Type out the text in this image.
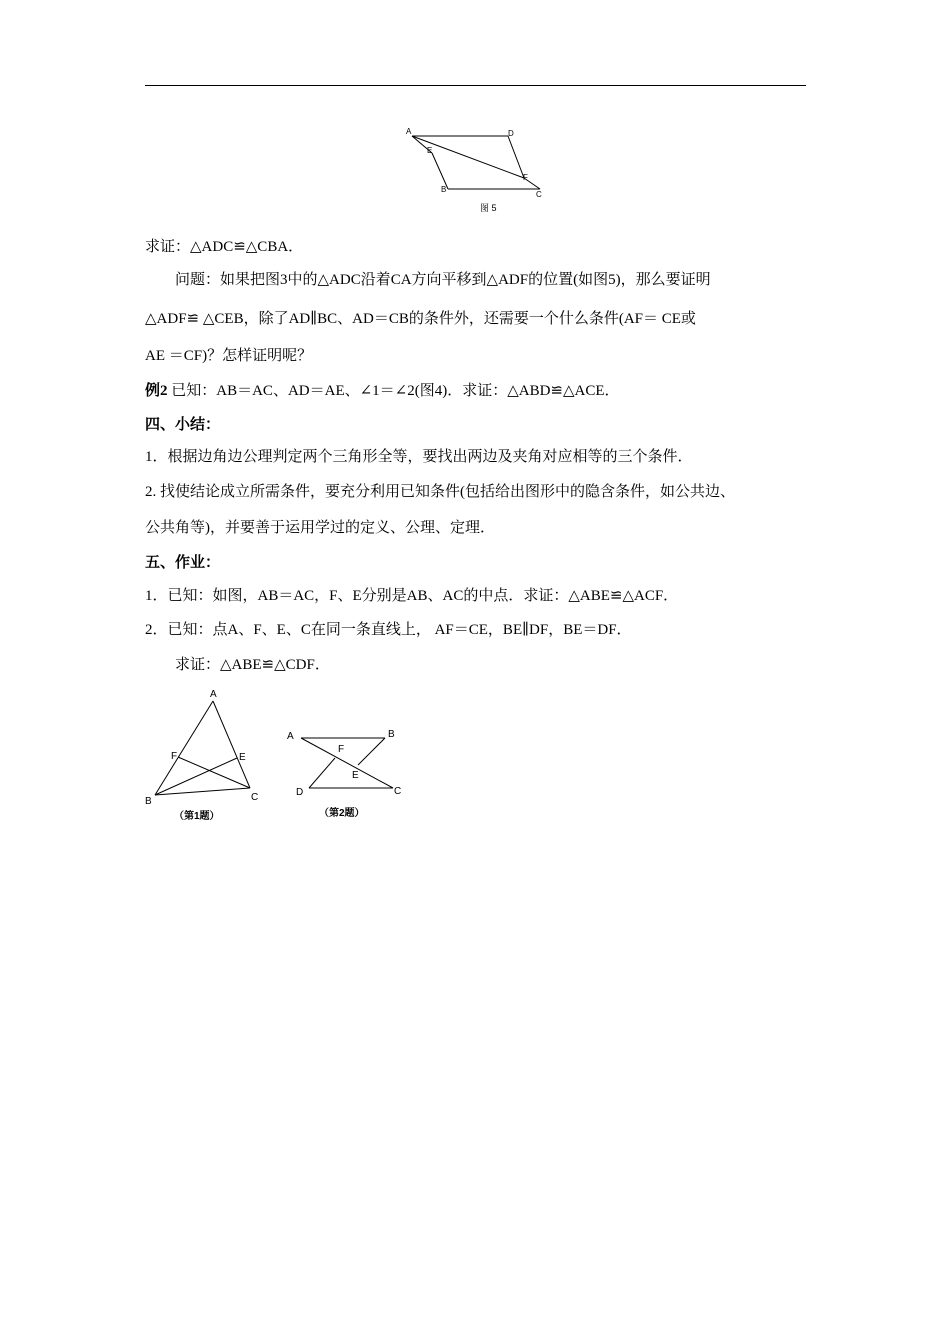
A	D
E
F
B
C
图 5
求证：△ADC≌△CBA．
问题：如果把图3中的△ADC沿着CA方向平移到△ADF的位置(如图5)，那么要证明
△ADF≌ △CEB，除了AD∥BC、AD＝CB的条件外，还需要一个什么条件(AF＝ CE或
AE ＝CF)？怎样证明呢？
例2 已知：AB＝AC、AD＝AE、∠1＝∠2(图4)．求证：△ABD≌△ACE．
四、小结：
1．根据边角边公理判定两个三角形全等，要找出两边及夹角对应相等的三个条件．
2. 找使结论成立所需条件，要充分利用已知条件(包括给出图形中的隐含条件，如公共边、
公共角等)，并要善于运用学过的定义、公理、定理．
五、作业：
1．已知：如图，AB＝AC，F、E分别是AB、AC的中点．求证：△ABE≌△ACF．
2．已知：点A、F、E、C在同一条直线上， AF＝CE，BE∥DF，BE＝DF．
求证：△ABE≌△CDF．
A
F	E
B	C
（第1题）
A	B
F
E
D	C
（第2题）
